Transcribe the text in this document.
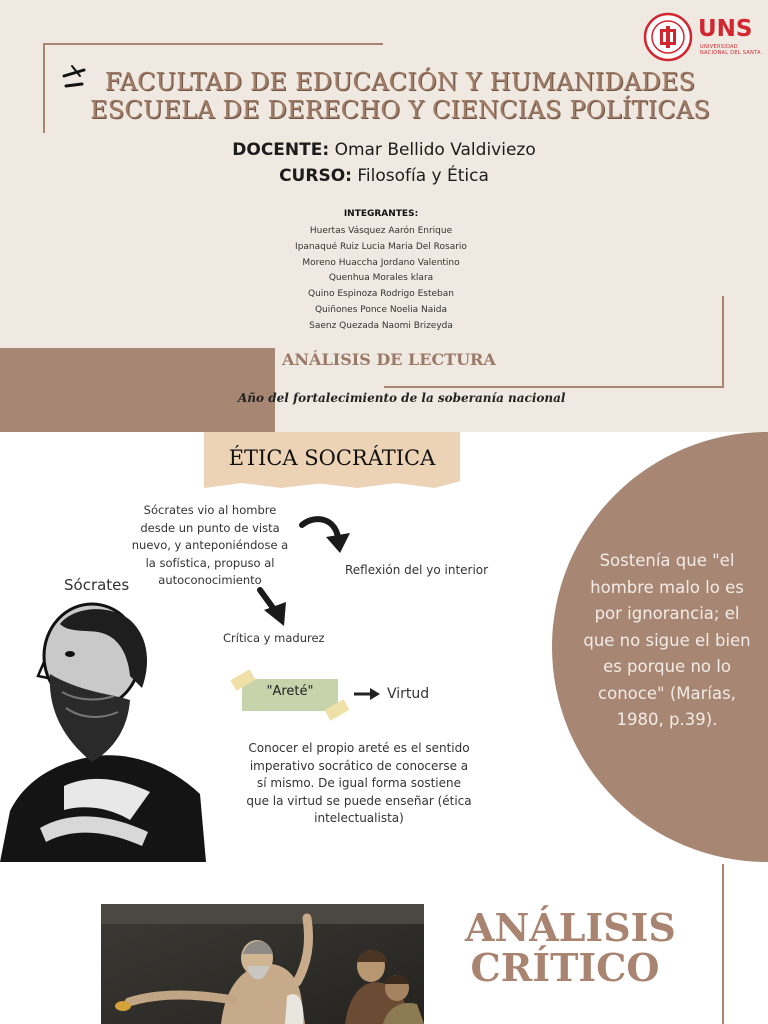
FACULTAD DE EDUCACIÓN Y HUMANIDADES
ESCUELA DE DERECHO Y CIENCIAS POLÍTICAS
DOCENTE: Omar Bellido Valdiviezo
CURSO: Filosofía y Ética
INTEGRANTES:
Huertas Vásquez Aarón Enrique
Ipanaqué Ruiz Lucia Maria Del Rosario
Moreno Huaccha Jordano Valentino
Quenhua Morales klara
Quino Espinoza Rodrigo Esteban
Quiñones Ponce Noelia Naida
Saenz Quezada Naomi Brizeyda
ANÁLISIS DE LECTURA
Año del fortalecimiento de la soberanía nacional
UNS
UNIVERSIDAD
NACIONAL DEL SANTA
ÉTICA SOCRÁTICA
Sócrates vio al hombre desde un punto de vista nuevo, y anteponiéndose a la sofística, propuso al autoconocimiento
Reflexión del yo interior
Crítica y madurez
Sócrates
"Areté"	Virtud
Conocer el propio areté es el sentido imperativo socrático de conocerse a sí mismo. De igual forma sostiene que la virtud se puede enseñar (ética intelectualista)
Sostenía que "el hombre malo lo es por ignorancia; el que no sigue el bien es porque no lo conoce" (Marías, 1980, p.39).
ANÁLISIS
CRÍTICO
